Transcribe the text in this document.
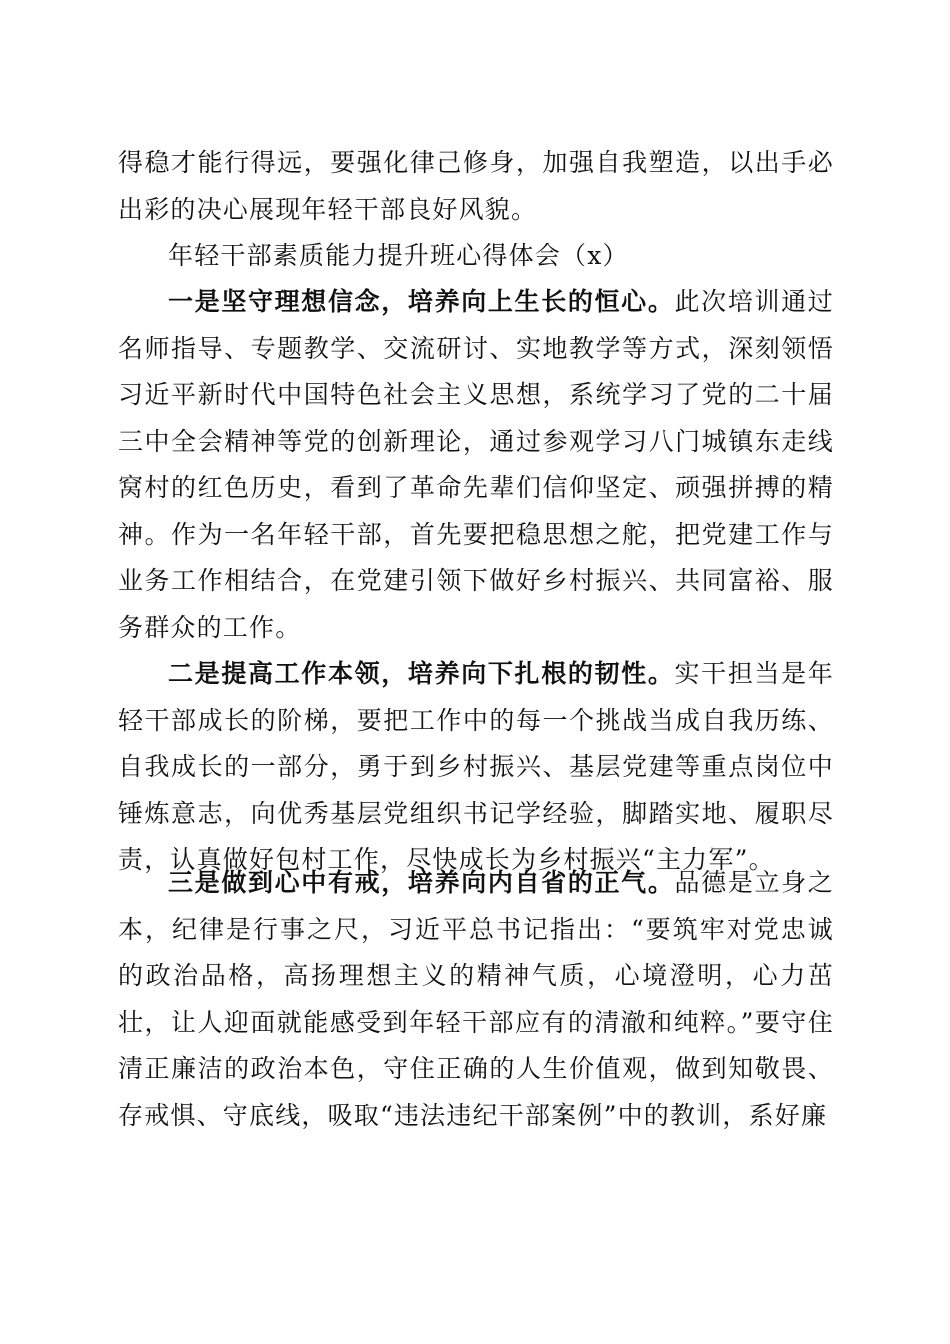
得稳才能行得远，要强化律己修身，加强自我塑造，以出手必出彩的决心展现年轻干部良好风貌。

年轻干部素质能力提升班心得体会（x）

一是坚守理想信念，培养向上生长的恒心。此次培训通过名师指导、专题教学、交流研讨、实地教学等方式，深刻领悟习近平新时代中国特色社会主义思想，系统学习了党的二十届三中全会精神等党的创新理论，通过参观学习八门城镇东走线窝村的红色历史，看到了革命先辈们信仰坚定、顽强拼搏的精神。作为一名年轻干部，首先要把稳思想之舵，把党建工作与业务工作相结合，在党建引领下做好乡村振兴、共同富裕、服务群众的工作。

二是提高工作本领，培养向下扎根的韧性。实干担当是年轻干部成长的阶梯，要把工作中的每一个挑战当成自我历练、自我成长的一部分，勇于到乡村振兴、基层党建等重点岗位中锤炼意志，向优秀基层党组织书记学经验，脚踏实地、履职尽责，认真做好包村工作，尽快成长为乡村振兴“主力军”。

三是做到心中有戒，培养向内自省的正气。品德是立身之本，纪律是行事之尺，习近平总书记指出：“要筑牢对党忠诚的政治品格，高扬理想主义的精神气质，心境澄明，心力茁壮，让人迎面就能感受到年轻干部应有的清澈和纯粹。”要守住清正廉洁的政治本色，守住正确的人生价值观，做到知敬畏、存戒惧、守底线，吸取“违法违纪干部案例”中的教训，系好廉
